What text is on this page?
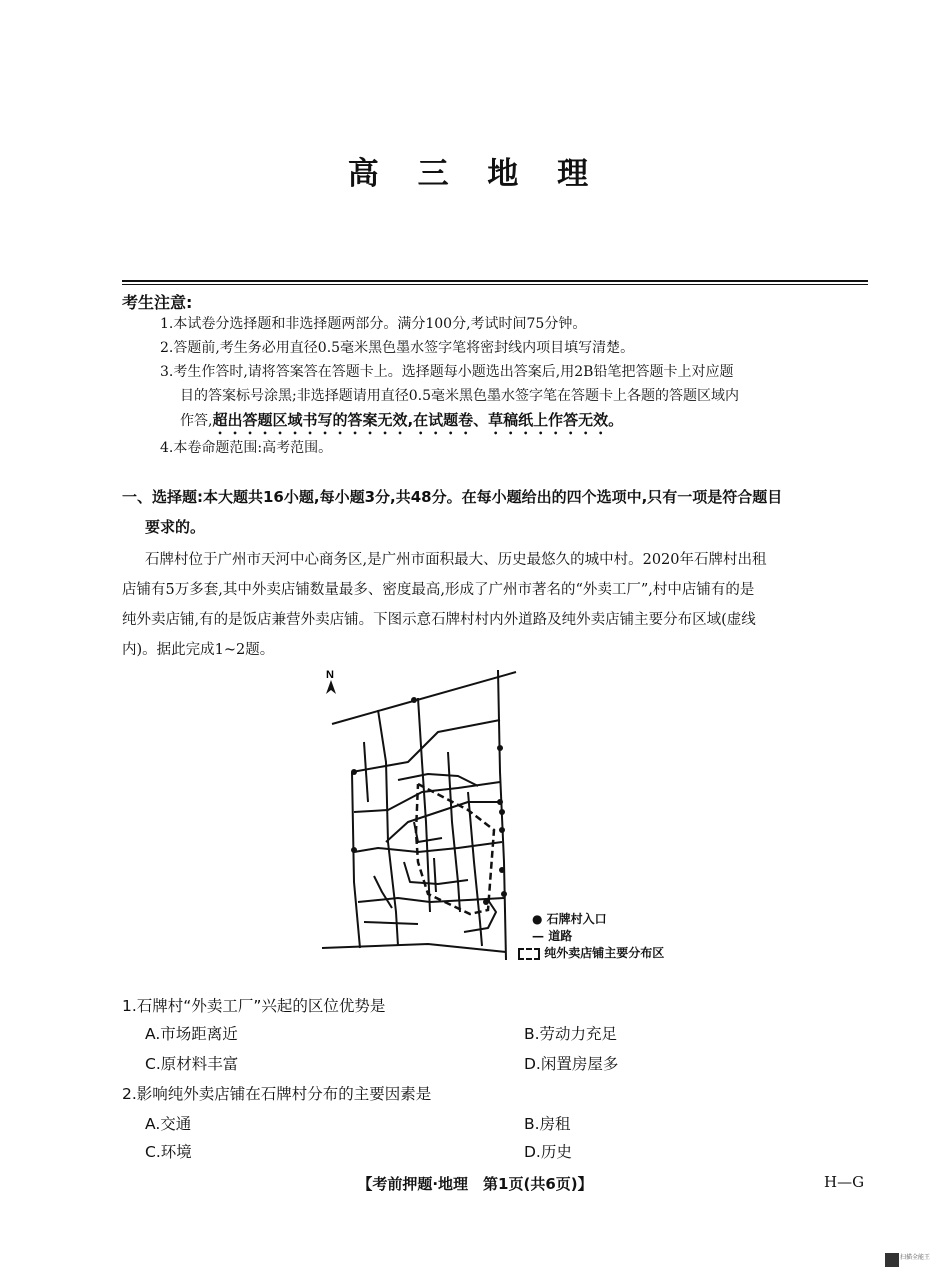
高 三 地 理
考生注意:
1.本试卷分选择题和非选择题两部分。满分100分,考试时间75分钟。
2.答题前,考生务必用直径0.5毫米黑色墨水签字笔将密封线内项目填写清楚。
3.考生作答时,请将答案答在答题卡上。选择题每小题选出答案后,用2B铅笔把答题卡上对应题
目的答案标号涂黑;非选择题请用直径0.5毫米黑色墨水签字笔在答题卡上各题的答题区域内
作答,超出答题区域书写的答案无效,在试题卷、草稿纸上作答无效。
4.本卷命题范围:高考范围。
一、选择题:本大题共16小题,每小题3分,共48分。在每小题给出的四个选项中,只有一项是符合题目
要求的。
石牌村位于广州市天河中心商务区,是广州市面积最大、历史最悠久的城中村。2020年石牌村出租
店铺有5万多套,其中外卖店铺数量最多、密度最高,形成了广州市著名的“外卖工厂”,村中店铺有的是
纯外卖店铺,有的是饭店兼营外卖店铺。下图示意石牌村村内外道路及纯外卖店铺主要分布区域(虚线
内)。据此完成1~2题。
N
● 石牌村入口
— 道路
纯外卖店铺主要分布区
1.石牌村“外卖工厂”兴起的区位优势是
A.市场距离近	B.劳动力充足
C.原材料丰富	D.闲置房屋多
2.影响纯外卖店铺在石牌村分布的主要因素是
A.交通	B.房租
C.环境	D.历史
【考前押题·地理　第1页(共6页)】	H—G
扫描全能王
